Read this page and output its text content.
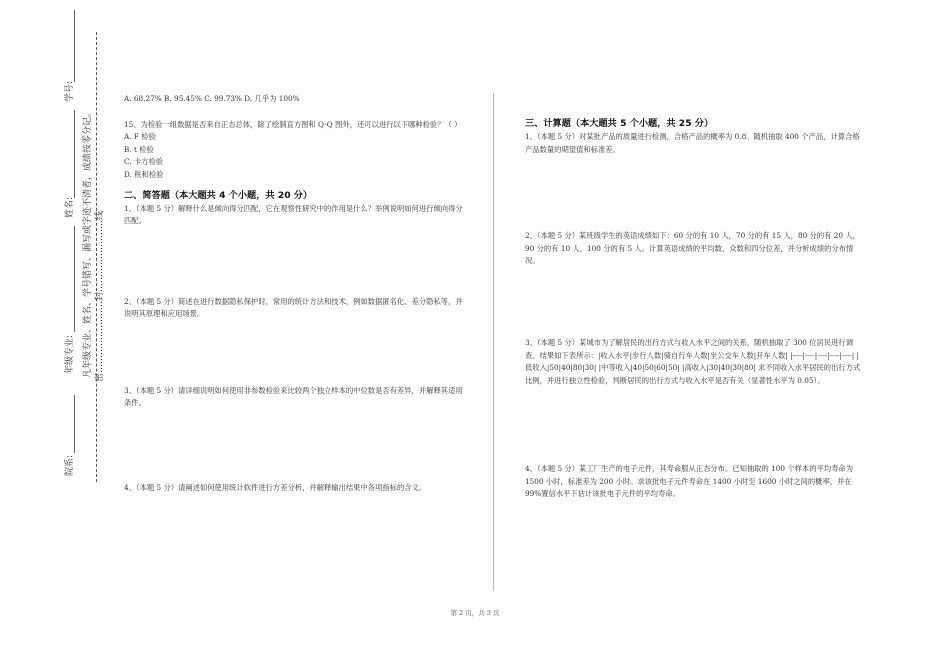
学号:
姓名:
年级专业:
院系:
凡年级专业、姓名、学号错写、漏写或字迹不清者，成绩按零分记。 密……………………封……………………线

A. 68.27% B. 95.45% C. 99.73% D. 几乎为 100%

15、为检验一组数据是否来自正态总体，除了绘制直方图和 Q-Q 图外，还可以进行以下哪种检验？（ ）

A. F 检验

B. t 检验

C. 卡方检验

D. 秩和检验

二、简答题（本大题共 4 个小题，共 20 分）

1、（本题 5 分）解释什么是倾向得分匹配，它在观察性研究中的作用是什么？举例说明如何进行倾向得分匹配。

2、（本题 5 分）简述在进行数据隐私保护时，常用的统计方法和技术，例如数据匿名化、差分隐私等，并说明其原理和应用场景。

3、（本题 5 分）请详细说明如何使用非参数检验来比较两个独立样本的中位数是否有差异，并解释其适用条件。

4、（本题 5 分）请阐述如何使用统计软件进行方差分析，并解释输出结果中各项指标的含义。

三、计算题（本大题共 5 个小题，共 25 分）

1、（本题 5 分）对某批产品的质量进行检测，合格产品的概率为 0.8。随机抽取 400 个产品，计算合格产品数量的期望值和标准差。

2、（本题 5 分）某班级学生的英语成绩如下：60 分的有 10 人，70 分的有 15 人，80 分的有 20 人，90 分的有 10 人，100 分的有 5 人。计算英语成绩的平均数、众数和四分位差，并分析成绩的分布情况。

3、（本题 5 分）某城市为了解居民的出行方式与收入水平之间的关系，随机抽取了 300 位居民进行调查。结果如下表所示：|收入水平|步行人数|骑自行车人数|坐公交车人数|开车人数| |----|----|----|----|----| |低收入|50|40|80|30| |中等收入|40|50|60|50| |高收入|30|40|30|80| 求不同收入水平居民的出行方式比例，并进行独立性检验，判断居民的出行方式与收入水平是否有关（显著性水平为 0.05）。

4、（本题 5 分）某工厂生产的电子元件，其寿命服从正态分布。已知抽取的 100 个样本的平均寿命为 1500 小时，标准差为 200 小时。求该批电子元件寿命在 1400 小时至 1600 小时之间的概率，并在 99%置信水平下估计该批电子元件的平均寿命。

第 2 页，共 3 页
